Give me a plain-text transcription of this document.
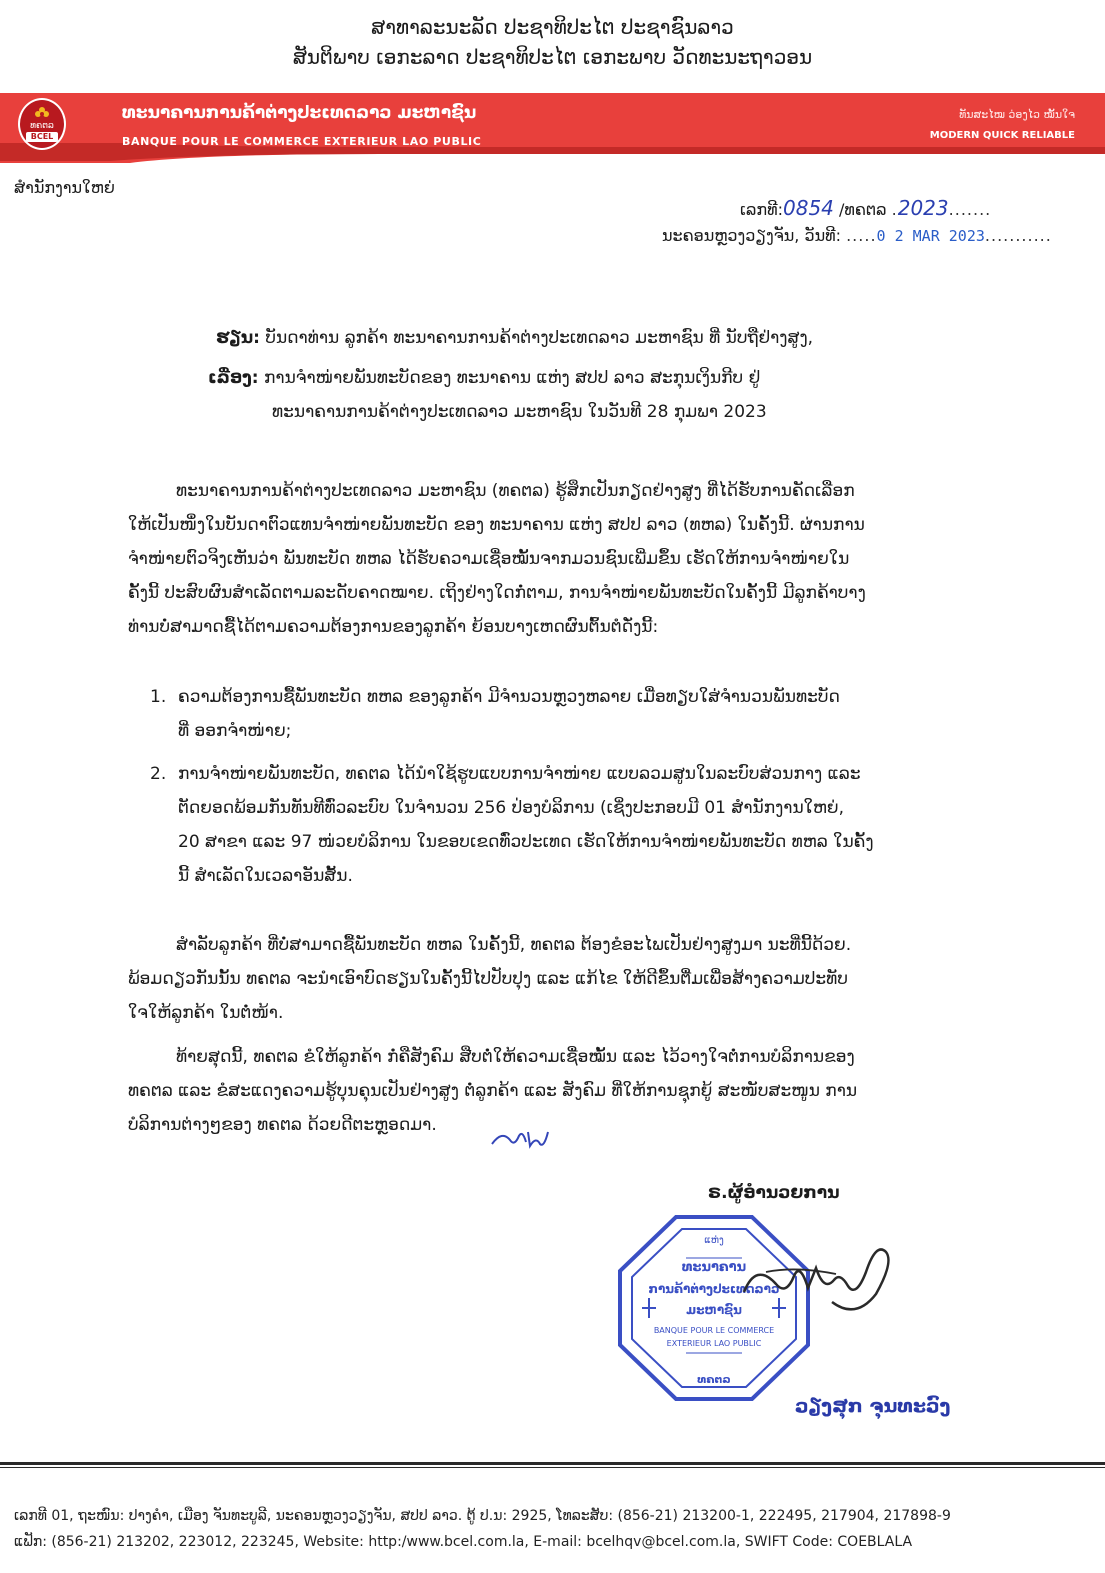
ສາທາລະນະລັດ ປະຊາທິປະໄຕ ປະຊາຊົນລາວ
ສັນຕິພາບ ເອກະລາດ ປະຊາທິປະໄຕ ເອກະພາບ ວັດທະນະຖາວອນ
ທຄຕລ
BCEL
ທະນາຄານການຄ້າຕ່າງປະເທດລາວ ມະຫາຊົນ
BANQUE POUR LE COMMERCE EXTERIEUR LAO PUBLIC
ທັນສະໄໝ ວ່ອງໄວ ໝັ້ນໃຈ
MODERN QUICK RELIABLE
ສໍານັກງານໃຫຍ່
ເລກທີ:0854 /ທຄຕລ .2023.......
ນະຄອນຫຼວງວຽງຈັນ, ວັນທີ: .....0 2 MAR 2023...........
ຮຽນ: ບັນດາທ່ານ ລູກຄ້າ ທະນາຄານການຄ້າຕ່າງປະເທດລາວ ມະຫາຊົນ ທີ່ ນັບຖືຢ່າງສູງ,
ເລື່ອງ: ການຈໍາໜ່າຍພັນທະບັດຂອງ ທະນາຄານ ແຫ່ງ ສປປ ລາວ ສະກຸນເງິນກີບ ຢູ່
ທະນາຄານການຄ້າຕ່າງປະເທດລາວ ມະຫາຊົນ ໃນວັນທີ 28 ກຸມພາ 2023
ທະນາຄານການຄ້າຕ່າງປະເທດລາວ ມະຫາຊົນ (ທຄຕລ) ຮູ້ສຶກເປັນກຽດຢ່າງສູງ ທີ່ໄດ້ຮັບການຄັດເລືອກ
ໃຫ້ເປັນໜຶ່ງໃນບັນດາຕົວແທນຈໍາໜ່າຍພັນທະບັດ ຂອງ ທະນາຄານ ແຫ່ງ ສປປ ລາວ (ທຫລ) ໃນຄັ້ງນີ້. ຜ່ານການ
ຈໍາໜ່າຍຕົວຈິງເຫັນວ່າ ພັນທະບັດ ທຫລ ໄດ້ຮັບຄວາມເຊື່ອໝັ້ນຈາກມວນຊົນເພີ່ມຂຶ້ນ ເຮັດໃຫ້ການຈໍາໜ່າຍໃນ
ຄັ້ງນີ້ ປະສົບຜົນສໍາເລັດຕາມລະດັບຄາດໝາຍ. ເຖິງຢ່າງໃດກໍ່ຕາມ, ການຈໍາໜ່າຍພັນທະບັດໃນຄັ້ງນີ້ ມີລູກຄ້າບາງ
ທ່ານບໍ່ສາມາດຊື້ໄດ້ຕາມຄວາມຕ້ອງການຂອງລູກຄ້າ ຍ້ອນບາງເຫດຜົນຕົ້ນຕໍດັ່ງນີ້:
1. ຄວາມຕ້ອງການຊື້ພັນທະບັດ ທຫລ ຂອງລູກຄ້າ ມີຈໍານວນຫຼວງຫລາຍ ເມື່ອທຽບໃສ່ຈໍານວນພັນທະບັດ
ທີ່ ອອກຈໍາໜ່າຍ;
2. ການຈໍາໜ່າຍພັນທະບັດ, ທຄຕລ ໄດ້ນໍາໃຊ້ຮູບແບບການຈໍາໜ່າຍ ແບບລວມສູນໃນລະບົບສ່ວນກາງ ແລະ
ຕັດຍອດພ້ອມກັນທັນທີທົ່ວລະບົບ ໃນຈໍານວນ 256 ປ່ອງບໍລິການ (ເຊິ່ງປະກອບມີ 01 ສໍານັກງານໃຫຍ່,
20 ສາຂາ ແລະ 97 ໜ່ວຍບໍລິການ ໃນຂອບເຂດທົ່ວປະເທດ ເຮັດໃຫ້ການຈໍາໜ່າຍພັນທະບັດ ທຫລ ໃນຄັ້ງ
ນີ້ ສໍາເລັດໃນເວລາອັນສັ້ນ.
ສໍາລັບລູກຄ້າ ທີ່ບໍ່ສາມາດຊື້ພັນທະບັດ ທຫລ ໃນຄັ້ງນີ້, ທຄຕລ ຕ້ອງຂໍອະໄພເປັນຢ່າງສູງມາ ນະທີ່ນີ້ດ້ວຍ.
ພ້ອມດຽວກັນນັ້ນ ທຄຕລ ຈະນໍາເອົາບົດຮຽນໃນຄັ້ງນີ້ໄປປັບປຸງ ແລະ ແກ້ໄຂ ໃຫ້ດີຂຶ້ນຕື່ມເພື່ອສ້າງຄວາມປະທັບ
ໃຈໃຫ້ລູກຄ້າ ໃນຕໍ່ໜ້າ.
ທ້າຍສຸດນີ້, ທຄຕລ ຂໍໃຫ້ລູກຄ້າ ກໍ່ຄືສັງຄົມ ສືບຕໍ່ໃຫ້ຄວາມເຊື່ອໝັ້ນ ແລະ ໄວ້ວາງໃຈຕໍ່ການບໍລິການຂອງ
ທຄຕລ ແລະ ຂໍສະແດງຄວາມຮູ້ບຸນຄຸນເປັນຢ່າງສູງ ຕໍ່ລູກຄ້າ ແລະ ສັງຄົມ ທີ່ໃຫ້ການຊຸກຍູ້ ສະໜັບສະໜູນ ການ
ບໍລິການຕ່າງໆຂອງ ທຄຕລ ດ້ວຍດີຕະຫຼອດມາ.
ຣ.ຜູ້ອໍານວຍການ
ແຫ່ງ
ທະນາຄານ
ການຄ້າຕ່າງປະເທດລາວ
ມະຫາຊົນ
BANQUE POUR LE COMMERCE
EXTERIEUR LAO PUBLIC
ທຄຕລ
ວຽງສຸກ ຈຸນທະວົງ
ເລກທີ 01, ຖະໜົນ: ປາງຄໍາ, ເມືອງ ຈັນທະບູລີ, ນະຄອນຫຼວງວຽງຈັນ, ສປປ ລາວ. ຕູ້ ປ.ນ: 2925, ໂທລະສັບ: (856-21) 213200-1, 222495, 217904, 217898-9
ແຟັກ: (856-21) 213202, 223012, 223245, Website: http:/www.bcel.com.la, E-mail: bcelhqv@bcel.com.la, SWIFT Code: COEBLALA
